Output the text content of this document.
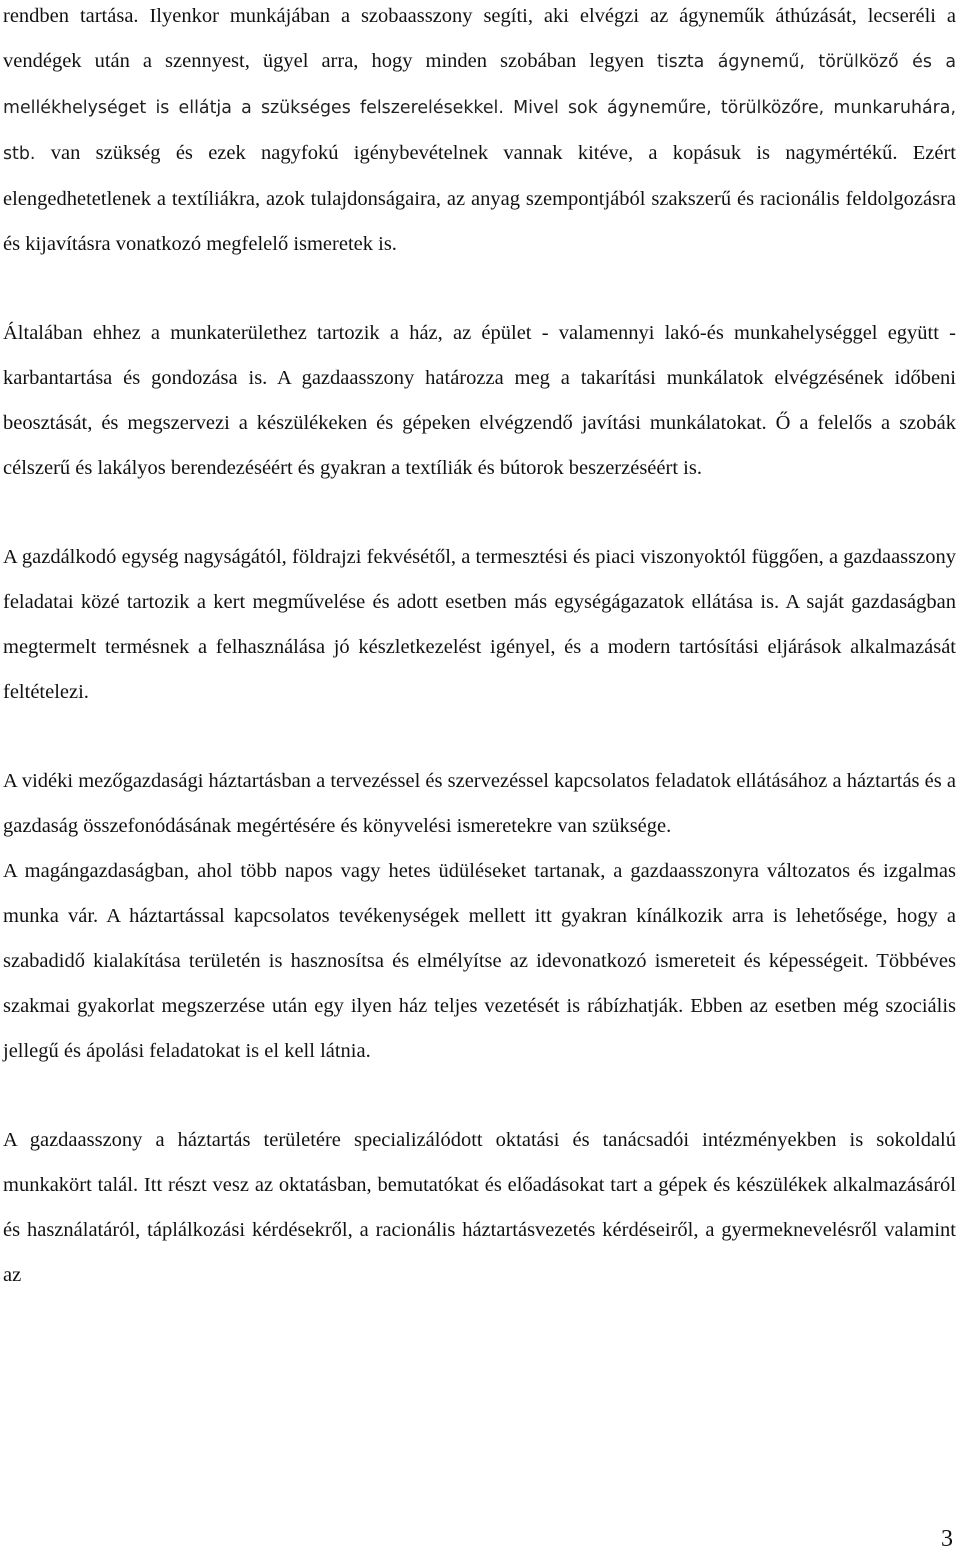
rendben tartása. Ilyenkor munkájában a szobaasszony segíti, aki elvégzi az ágyneműk áthúzását, lecseréli a vendégek után a szennyest, ügyel arra, hogy minden szobában legyen tiszta ágynemű, törülköző és a mellékhelységet is ellátja a szükséges felszerelésekkel. Mivel sok ágyneműre, törülközőre, munkaruhára, stb. van szükség és ezek nagyfokú igénybevételnek vannak kitéve, a kopásuk is nagymértékű. Ezért elengedhetetlenek a textíliákra, azok tulajdonságaira, az anyag szempontjából szakszerű és racionális feldolgozásra és kijavításra vonatkozó megfelelő ismeretek is.

Általában ehhez a munkaterülethez tartozik a ház, az épület - valamennyi lakó-és munkahelységgel együtt - karbantartása és gondozása is. A gazdaasszony határozza meg a takarítási munkálatok elvégzésének időbeni beosztását, és megszervezi a készülékeken és gépeken elvégzendő javítási munkálatokat. Ő a felelős a szobák célszerű és lakályos berendezéséért és gyakran a textíliák és bútorok beszerzéséért is.

A gazdálkodó egység nagyságától, földrajzi fekvésétől, a termesztési és piaci viszonyoktól függően, a gazdaasszony feladatai közé tartozik a kert megművelése és adott esetben más egységágazatok ellátása is. A saját gazdaságban megtermelt termésnek a felhasználása jó készletkezelést igényel, és a modern tartósítási eljárások alkalmazását feltételezi.

A vidéki mezőgazdasági háztartásban a tervezéssel és szervezéssel kapcsolatos feladatok ellátásához a háztartás és a gazdaság összefonódásának megértésére és könyvelési ismeretekre van szüksége.

A magángazdaságban, ahol több napos vagy hetes üdüléseket tartanak, a gazdaasszonyra változatos és izgalmas munka vár. A háztartással kapcsolatos tevékenységek mellett itt gyakran kínálkozik arra is lehetősége, hogy a szabadidő kialakítása területén is hasznosítsa és elmélyítse az idevonatkozó ismereteit és képességeit. Többéves szakmai gyakorlat megszerzése után egy ilyen ház teljes vezetését is rábízhatják. Ebben az esetben még szociális jellegű és ápolási feladatokat is el kell látnia.

A gazdaasszony a háztartás területére specializálódott oktatási és tanácsadói intézményekben is sokoldalú munkakört talál. Itt részt vesz az oktatásban, bemutatókat és előadásokat tart a gépek és készülékek alkalmazásáról és használatáról, táplálkozási kérdésekről, a racionális háztartásvezetés kérdéseiről, a gyermeknevelésről valamint az

3
